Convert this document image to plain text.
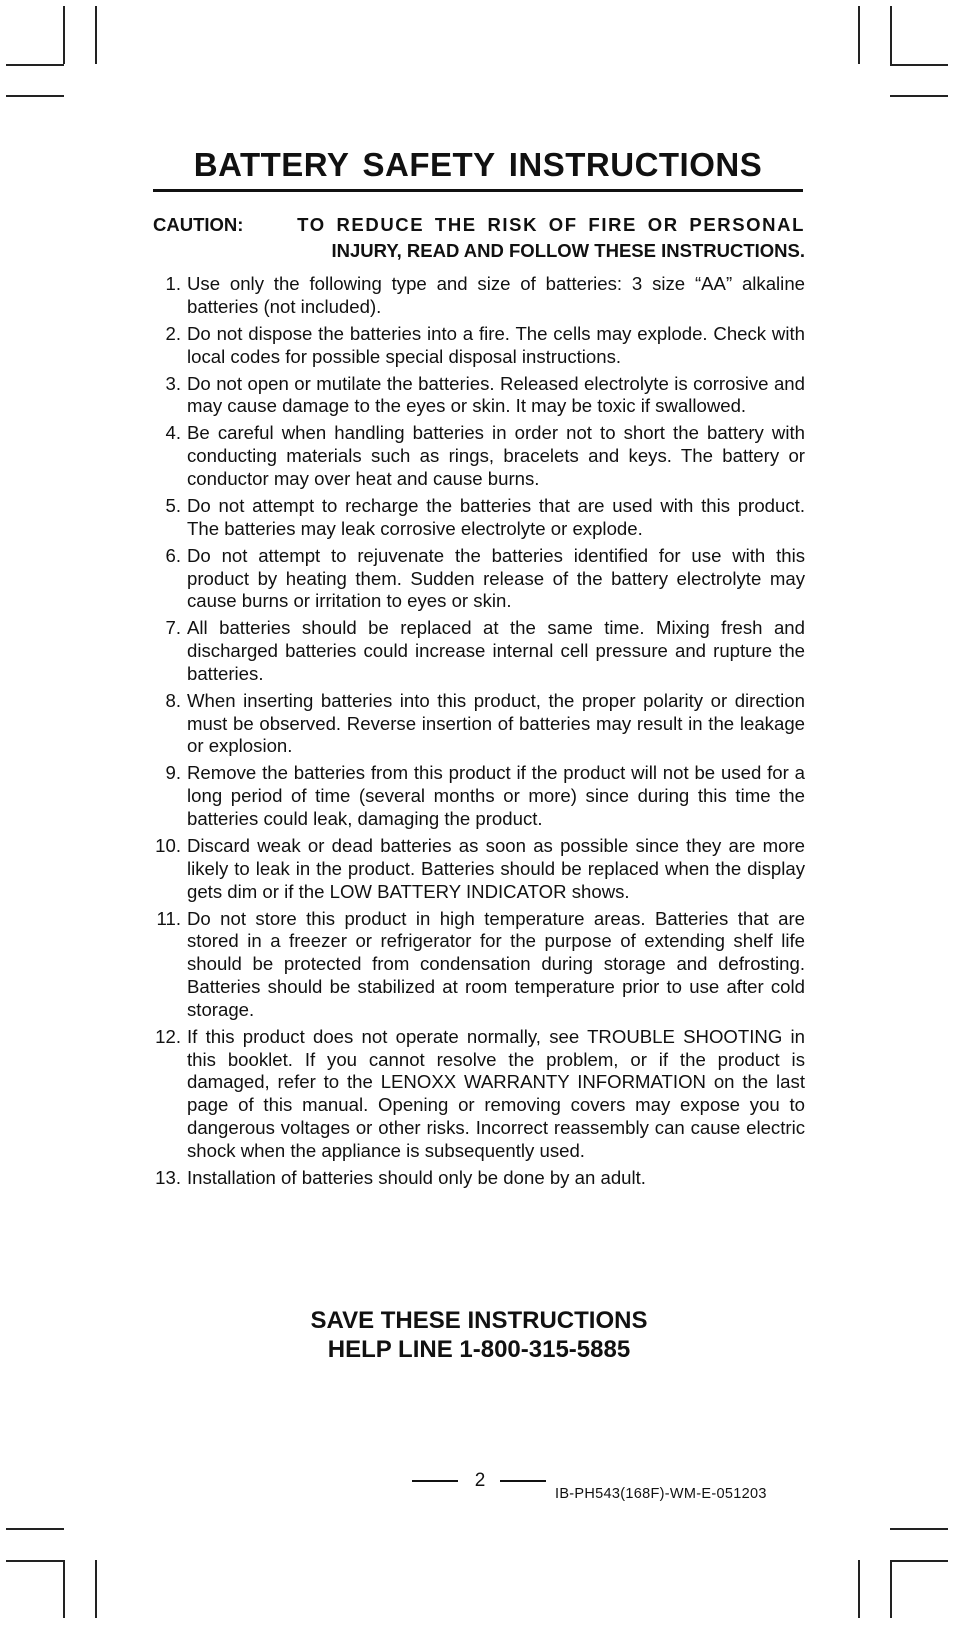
BATTERY SAFETY INSTRUCTIONS
CAUTION:	TO REDUCE THE RISK OF FIRE OR PERSONAL
INJURY, READ AND FOLLOW THESE INSTRUCTIONS.
1. Use only the following type and size of batteries: 3 size “AA” alkaline batteries (not included).
2. Do not dispose the batteries into a fire. The cells may explode. Check with local codes for possible special disposal instructions.
3. Do not open or mutilate the batteries. Released electrolyte is corrosive and may cause damage to the eyes or skin. It may be toxic if swallowed.
4. Be careful when handling batteries in order not to short the battery with conducting materials such as rings, bracelets and keys. The battery or conductor may over heat and cause burns.
5. Do not attempt to recharge the batteries that are used with this product. The batteries may leak corrosive electrolyte or explode.
6. Do not attempt to rejuvenate the batteries identified for use with this product by heating them. Sudden release of the battery electrolyte may cause burns or irritation to eyes or skin.
7. All batteries should be replaced at the same time. Mixing fresh and discharged batteries could increase internal cell pressure and rupture the batteries.
8. When inserting batteries into this product, the proper polarity or direction must be observed. Reverse insertion of batteries may result in the leakage or explosion.
9. Remove the batteries from this product if the product will not be used for a long period of time (several months or more) since during this time the batteries could leak, damaging the product.
10. Discard weak or dead batteries as soon as possible since they are more likely to leak in the product. Batteries should be replaced when the display gets dim or if the LOW BATTERY INDICATOR shows.
11. Do not store this product in high temperature areas. Batteries that are stored in a freezer or refrigerator for the purpose of extending shelf life should be protected from condensation during storage and defrosting. Batteries should be stabilized at room temperature prior to use after cold storage.
12. If this product does not operate normally, see TROUBLE SHOOTING in this booklet. If you cannot resolve the problem, or if the product is damaged, refer to the LENOXX WARRANTY INFORMATION on the last page of this manual. Opening or removing covers may expose you to dangerous voltages or other risks. Incorrect reassembly can cause electric shock when the appliance is subsequently used.
13. Installation of batteries should only be done by an adult.
SAVE THESE INSTRUCTIONS
HELP LINE 1-800-315-5885
2
IB-PH543(168F)-WM-E-051203
